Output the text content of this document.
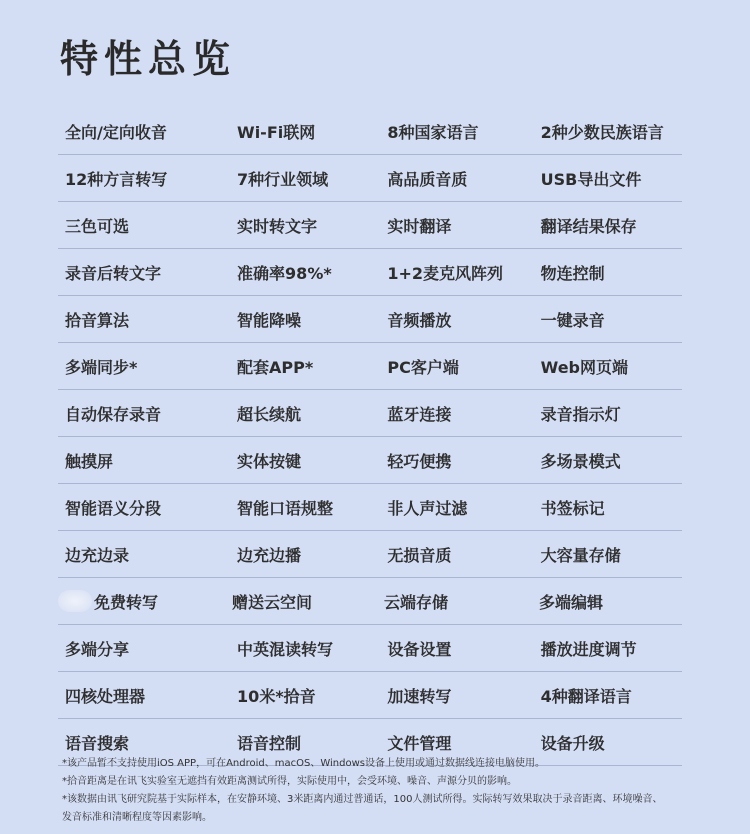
特性总览
全向/定向收音	Wi-Fi联网	8种国家语言	2种少数民族语言
12种方言转写	7种行业领域	高品质音质	USB导出文件
三色可选	实时转文字	实时翻译	翻译结果保存
录音后转文字	准确率98%*	1+2麦克风阵列	物连控制
拾音算法	智能降噪	音频播放	一键录音
多端同步*	配套APP*	PC客户端	Web网页端
自动保存录音	超长续航	蓝牙连接	录音指示灯
触摸屏	实体按键	轻巧便携	多场景模式
智能语义分段	智能口语规整	非人声过滤	书签标记
边充边录	边充边播	无损音质	大容量存储
免费转写	赠送云空间	云端存储	多端编辑
多端分享	中英混读转写	设备设置	播放进度调节
四核处理器	10米*拾音	加速转写	4种翻译语言
语音搜索	语音控制	文件管理	设备升级
*该产品暂不支持使用iOS APP，可在Android、macOS、Windows设备上使用或通过数据线连接电脑使用。
*拾音距离是在讯飞实验室无遮挡有效距离测试所得，实际使用中，会受环境、噪音、声源分贝的影响。
*该数据由讯飞研究院基于实际样本，在安静环境、3米距离内通过普通话，100人测试所得。实际转写效果取决于录音距离、环境噪音、
发音标准和清晰程度等因素影响。
